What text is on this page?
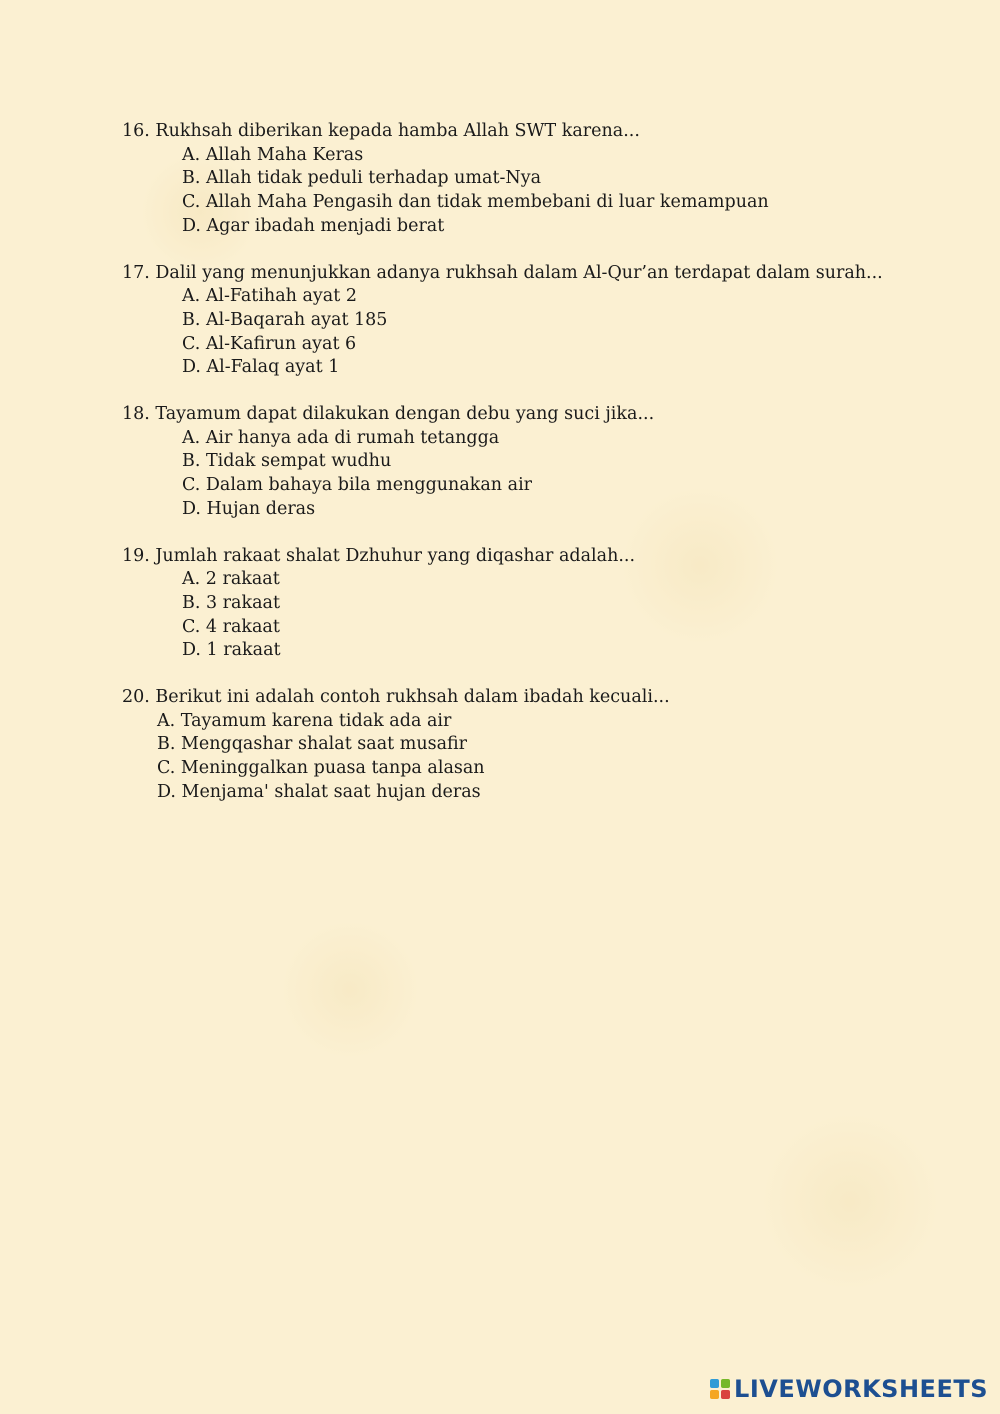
16. Rukhsah diberikan kepada hamba Allah SWT karena...
A. Allah Maha Keras
B. Allah tidak peduli terhadap umat-Nya
C. Allah Maha Pengasih dan tidak membebani di luar kemampuan
D. Agar ibadah menjadi berat
17. Dalil yang menunjukkan adanya rukhsah dalam Al-Qur’an terdapat dalam surah...
A. Al-Fatihah ayat 2
B. Al-Baqarah ayat 185
C. Al-Kafirun ayat 6
D. Al-Falaq ayat 1
18. Tayamum dapat dilakukan dengan debu yang suci jika...
A. Air hanya ada di rumah tetangga
B. Tidak sempat wudhu
C. Dalam bahaya bila menggunakan air
D. Hujan deras
19. Jumlah rakaat shalat Dzhuhur yang diqashar adalah...
A. 2 rakaat
B. 3 rakaat
C. 4 rakaat
D. 1 rakaat
20. Berikut ini adalah contoh rukhsah dalam ibadah kecuali...
A. Tayamum karena tidak ada air
B. Mengqashar shalat saat musafir
C. Meninggalkan puasa tanpa alasan
D. Menjama' shalat saat hujan deras
LIVEWORKSHEETS
